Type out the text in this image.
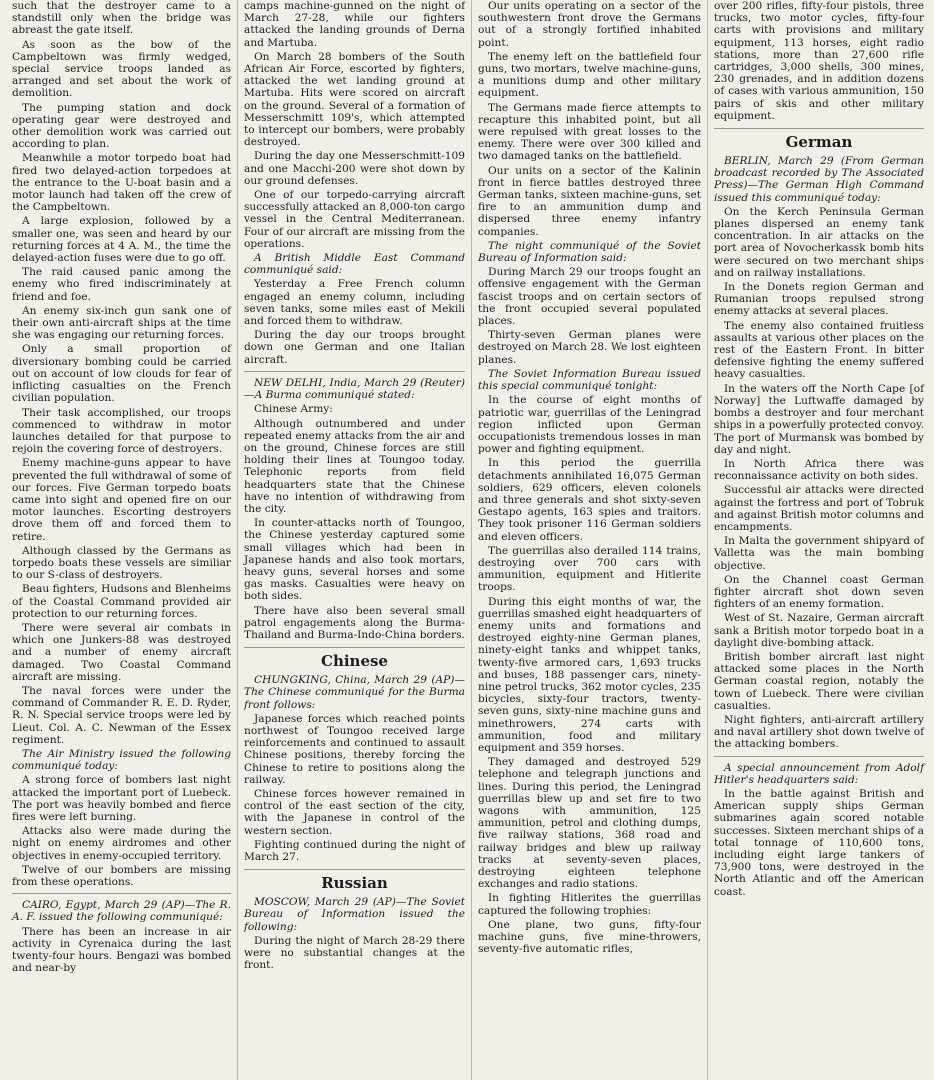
such that the destroyer came to a standstill only when the bridge was abreast the gate itself.

As soon as the bow of the Campbeltown was firmly wedged, special service troops landed as arranged and set about the work of demolition.

The pumping station and dock operating gear were destroyed and other demolition work was carried out according to plan.

Meanwhile a motor torpedo boat had fired two delayed-action torpedoes at the entrance to the U-boat basin and a motor launch had taken off the crew of the Campbeltown.

A large explosion, followed by a smaller one, was seen and heard by our returning forces at 4 A. M., the time the delayed-action fuses were due to go off.

The raid caused panic among the enemy who fired indiscriminately at friend and foe.

An enemy six-inch gun sank one of their own anti-aircraft ships at the time she was engaging our returning forces.

Only a small proportion of diversionary bombing could be carried out on account of low clouds for fear of inflicting casualties on the French civilian population.

Their task accomplished, our troops commenced to withdraw in motor launches detailed for that purpose to rejoin the covering force of destroyers.

Enemy machine-guns appear to have prevented the full withdrawal of some of our forces. Five German torpedo boats came into sight and opened fire on our motor launches. Escorting destroyers drove them off and forced them to retire.

Although classed by the Germans as torpedo boats these vessels are similiar to our S-class of destroyers.

Beau fighters, Hudsons and Blenheims of the Coastal Command provided air protection to our returning forces.

There were several air combats in which one Junkers-88 was destroyed and a number of enemy aircraft damaged. Two Coastal Command aircraft are missing.

The naval forces were under the command of Commander R. E. D. Ryder, R. N. Special service troops were led by Lieut. Col. A. C. Newman of the Essex regiment.

The Air Ministry issued the following communiqué today:

A strong force of bombers last night attacked the important port of Luebeck. The port was heavily bombed and fierce fires were left burning.

Attacks also were made during the night on enemy airdromes and other objectives in enemy-occupied territory.

Twelve of our bombers are missing from these operations.

CAIRO, Egypt, March 29 (AP)—The R. A. F. issued the following communiqué:

There has been an increase in air activity in Cyrenaica during the last twenty-four hours. Bengazi was bombed and near-by

camps machine-gunned on the night of March 27-28, while our fighters attacked the landing grounds of Derna and Martuba.

On March 28 bombers of the South African Air Force, escorted by fighters, attacked the wet landing ground at Martuba. Hits were scored on aircraft on the ground. Several of a formation of Messerschmitt 109's, which attempted to intercept our bombers, were probably destroyed.

During the day one Messerschmitt-109 and one Macchi-200 were shot down by our ground defenses.

One of our torpedo-carrying aircraft successfully attacked an 8,000-ton cargo vessel in the Central Mediterranean. Four of our aircraft are missing from the operations.

A British Middle East Command communiqué said:

Yesterday a Free French column engaged an enemy column, including seven tanks, some miles east of Mekili and forced them to withdraw.

During the day our troops brought down one German and one Italian aircraft.

NEW DELHI, India, March 29 (Reuter)—A Burma communiqué stated:

Chinese Army:

Although outnumbered and under repeated enemy attacks from the air and on the ground, Chinese forces are still holding their lines at Toungoo today. Telephonic reports from field headquarters state that the Chinese have no intention of withdrawing from the city.

In counter-attacks north of Toungoo, the Chinese yesterday captured some small villages which had been in Japanese hands and also took mortars, heavy guns, several horses and some gas masks. Casualties were heavy on both sides.

There have also been several small patrol engagements along the Burma-Thailand and Burma-Indo-China borders.

Chinese

CHUNGKING, China, March 29 (AP)—The Chinese communiqué for the Burma front follows:

Japanese forces which reached points northwest of Toungoo received large reinforcements and continued to assault Chinese positions, thereby forcing the Chinese to retire to positions along the railway.

Chinese forces however remained in control of the east section of the city, with the Japanese in control of the western section.

Fighting continued during the night of March 27.

Russian

MOSCOW, March 29 (AP)—The Soviet Bureau of Information issued the following:

During the night of March 28-29 there were no substantial changes at the front.

Our units operating on a sector of the southwestern front drove the Germans out of a strongly fortified inhabited point.

The enemy left on the battlefield four guns, two mortars, twelve machine-guns, a munitions dump and other military equipment.

The Germans made fierce attempts to recapture this inhabited point, but all were repulsed with great losses to the enemy. There were over 300 killed and two damaged tanks on the battlefield.

Our units on a sector of the Kalinin front in fierce battles destroyed three German tanks, sixteen machine-guns, set fire to an ammunition dump and dispersed three enemy infantry companies.

The night communiqué of the Soviet Bureau of Information said:

During March 29 our troops fought an offensive engagement with the German fascist troops and on certain sectors of the front occupied several populated places.

Thirty-seven German planes were destroyed on March 28. We lost eighteen planes.

The Soviet Information Bureau issued this special communiqué tonight:

In the course of eight months of patriotic war, guerrillas of the Leningrad region inflicted upon German occupationists tremendous losses in man power and fighting equipment.

In this period the guerrilla detachments annihilated 16,075 German soldiers, 629 officers, eleven colonels and three generals and shot sixty-seven Gestapo agents, 163 spies and traitors. They took prisoner 116 German soldiers and eleven officers.

The guerrillas also derailed 114 trains, destroying over 700 cars with ammunition, equipment and Hitlerite troops.

During this eight months of war, the guerrillas smashed eight headquarters of enemy units and formations and destroyed eighty-nine German planes, ninety-eight tanks and whippet tanks, twenty-five armored cars, 1,693 trucks and buses, 188 passenger cars, ninety-nine petrol trucks, 362 motor cycles, 235 bicycles, sixty-four tractors, twenty-seven guns, sixty-nine machine guns and minethrowers, 274 carts with ammunition, food and military equipment and 359 horses.

They damaged and destroyed 529 telephone and telegraph junctions and lines. During this period, the Leningrad guerrillas blew up and set fire to two wagons with ammunition, 125 ammunition, petrol and clothing dumps, five railway stations, 368 road and railway bridges and blew up railway tracks at seventy-seven places, destroying eighteen telephone exchanges and radio stations.

In fighting Hitlerites the guerrillas captured the following trophies:

One plane, two guns, fifty-four machine guns, five mine-throwers, seventy-five automatic rifles,

over 200 rifles, fifty-four pistols, three trucks, two motor cycles, fifty-four carts with provisions and military equipment, 113 horses, eight radio stations, more than 27,600 rifle cartridges, 3,000 shells, 300 mines, 230 grenades, and in addition dozens of cases with various ammunition, 150 pairs of skis and other military equipment.

German

BERLIN, March 29 (From German broadcast recorded by The Associated Press)—The German High Command issued this communiqué today:

On the Kerch Peninsula German planes dispersed an enemy tank concentration. In air attacks on the port area of Novocherkassk bomb hits were secured on two merchant ships and on railway installations.

In the Donets region German and Rumanian troops repulsed strong enemy attacks at several places.

The enemy also contained fruitless assaults at various other places on the rest of the Eastern Front. In bitter defensive fighting the enemy suffered heavy casualties.

In the waters off the North Cape [of Norway] the Luftwaffe damaged by bombs a destroyer and four merchant ships in a powerfully protected convoy. The port of Murmansk was bombed by day and night.

In North Africa there was reconnaissance activity on both sides.

Successful air attacks were directed against the fortress and port of Tobruk and against British motor columns and encampments.

In Malta the government shipyard of Valletta was the main bombing objective.

On the Channel coast German fighter aircraft shot down seven fighters of an enemy formation.

West of St. Nazaire, German aircraft sank a British motor torpedo boat in a daylight dive-bombing attack.

British bomber aircraft last night attacked some places in the North German coastal region, notably the town of Luebeck. There were civilian casualties.

Night fighters, anti-aircraft artillery and naval artillery shot down twelve of the attacking bombers.

A special announcement from Adolf Hitler's headquarters said:

In the battle against British and American supply ships German submarines again scored notable successes. Sixteen merchant ships of a total tonnage of 110,600 tons, including eight large tankers of 73,900 tons, were destroyed in the North Atlantic and off the American coast.
